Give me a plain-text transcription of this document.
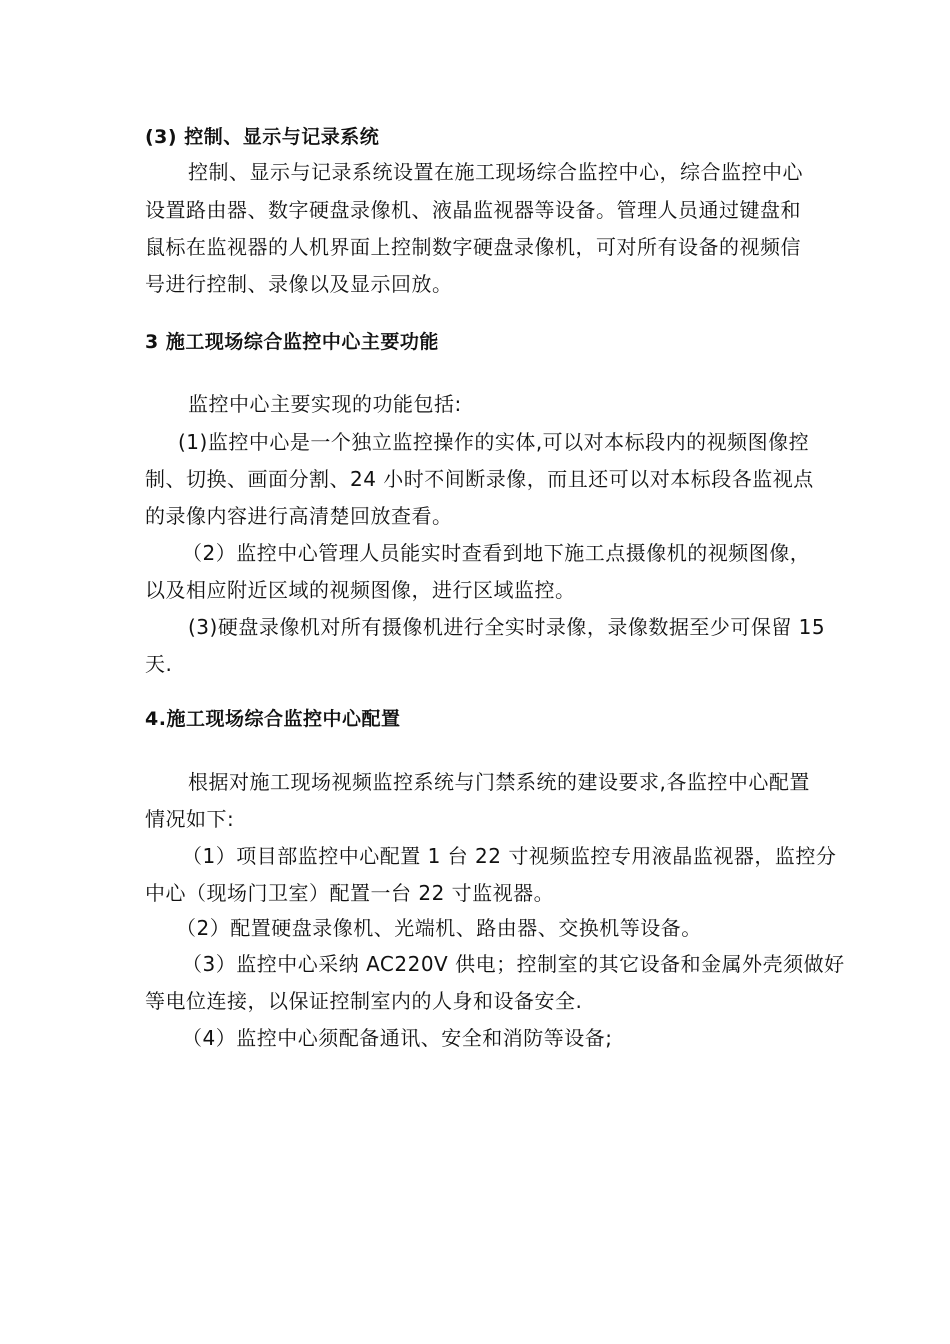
(3) 控制、显示与记录系统
控制、显示与记录系统设置在施工现场综合监控中心，综合监控中心
设置路由器、数字硬盘录像机、液晶监视器等设备。管理人员通过键盘和
鼠标在监视器的人机界面上控制数字硬盘录像机，可对所有设备的视频信
号进行控制、录像以及显示回放。
3 施工现场综合监控中心主要功能
监控中心主要实现的功能包括:
(1)监控中心是一个独立监控操作的实体,可以对本标段内的视频图像控
制、切换、画面分割、24 小时不间断录像，而且还可以对本标段各监视点
的录像内容进行高清楚回放查看。
（2）监控中心管理人员能实时查看到地下施工点摄像机的视频图像，
以及相应附近区域的视频图像，进行区域监控。
(3)硬盘录像机对所有摄像机进行全实时录像，录像数据至少可保留 15
天.
4.施工现场综合监控中心配置
根据对施工现场视频监控系统与门禁系统的建设要求,各监控中心配置
情况如下:
（1）项目部监控中心配置 1 台 22 寸视频监控专用液晶监视器，监控分
中心（现场门卫室）配置一台 22 寸监视器。
（2）配置硬盘录像机、光端机、路由器、交换机等设备。
（3）监控中心采纳 AC220V 供电；控制室的其它设备和金属外壳须做好
等电位连接，以保证控制室内的人身和设备安全.
（4）监控中心须配备通讯、安全和消防等设备;
